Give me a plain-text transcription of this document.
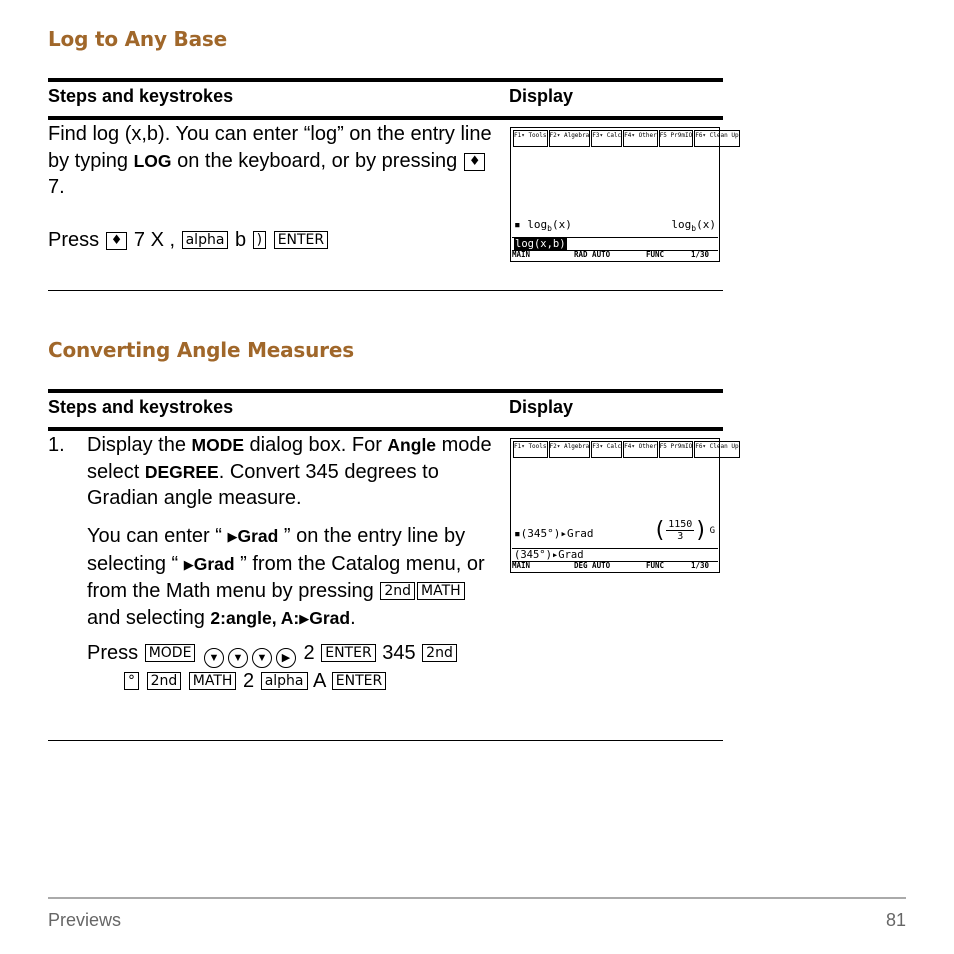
Log to Any Base
Steps and keystrokes	Display
Find log (x,b). You can enter “log” on the entry line by typing LOG on the keyboard, or by pressing ♦ 7.
Press ♦ 7 X , alpha b ) ENTER
F1▾ Tools F2▾ Algebra F3▾ Calc F4▾ Other F5 Pr9mIO F6▾ Clean Up
▪ $\log_b(x)$	$\log_b(x)$
log(x,b)
MAIN	RAD AUTO	FUNC	1/30
Converting Angle Measures
Steps and keystrokes	Display
1. Display the MODE dialog box. For Angle mode select DEGREE. Convert 345 degrees to Gradian angle measure.
You can enter “ ▶Grad ” on the entry line by selecting “ ▶Grad ” from the Catalog menu, or from the Math menu by pressing 2nd MATH and selecting 2:angle, A:▶Grad.
Press MODE ▼ ▼ ▼ ▶ 2 ENTER 345 2nd
° 2nd MATH 2 alpha A ENTER
F1▾ Tools F2▾ Algebra F3▾ Calc F4▾ Other F5 Pr9mIO F6▾ Clean Up
▪(345°)▸Grad	( $\frac{1150}{3}$ ) G
(345°)▸Grad
MAIN	DEG AUTO	FUNC	1/30
Previews	81
